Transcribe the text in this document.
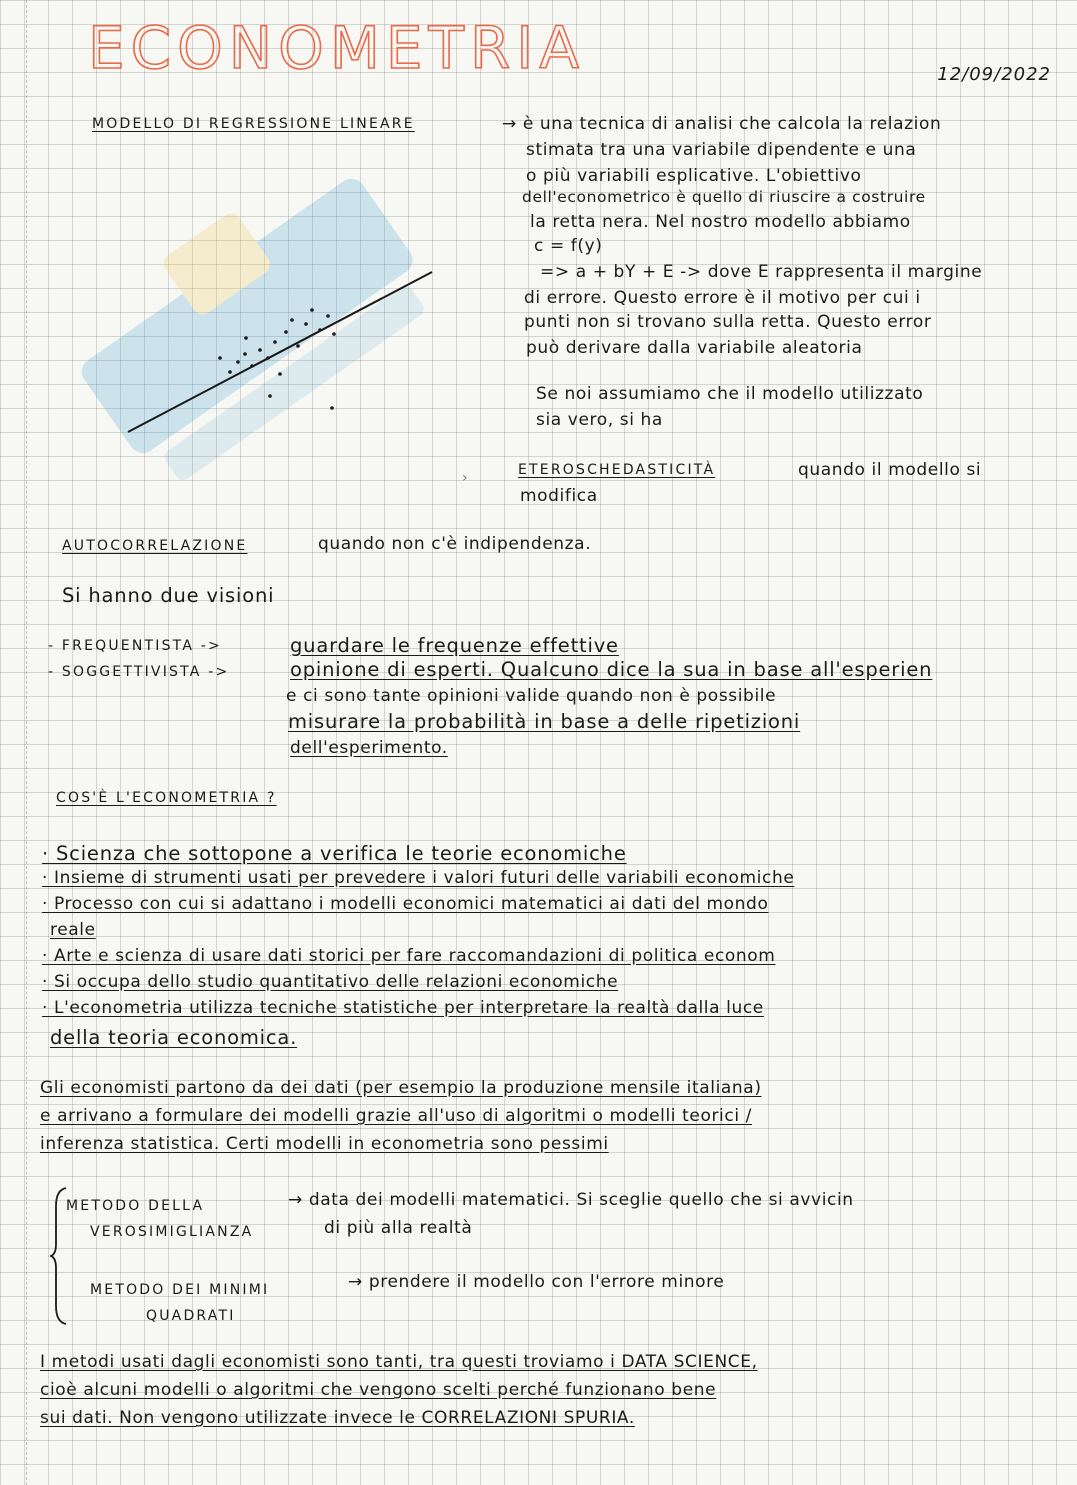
ECONOMETRIA	12/09/2022
MODELLO DI REGRESSIONE LINEARE	→ è una tecnica di analisi che calcola la relazion
stimata tra una variabile dipendente e una
o più variabili esplicative. L'obiettivo
dell'econometrico è quello di riuscire a costruire
la retta nera. Nel nostro modello abbiamo
c = f(y)
=> a + bY + E -> dove E rappresenta il margine
di errore. Questo errore è il motivo per cui i
punti non si trovano sulla retta. Questo error
può derivare dalla variabile aleatoria
Se noi assumiamo che il modello utilizzato
sia vero, si ha
ETEROSCHEDASTICITÀ	quando il modello si
modifica
›
AUTOCORRELAZIONE	quando non c'è indipendenza.
Si hanno due visioni
- FREQUENTISTA ->	guardare le frequenze effettive
- SOGGETTIVISTA ->	opinione di esperti. Qualcuno dice la sua in base all'esperien
e ci sono tante opinioni valide quando non è possibile
misurare la probabilità in base a delle ripetizioni
dell'esperimento.
COS'È L'ECONOMETRIA ?
· Scienza che sottopone a verifica le teorie economiche
· Insieme di strumenti usati per prevedere i valori futuri delle variabili economiche
· Processo con cui si adattano i modelli economici matematici ai dati del mondo
reale
· Arte e scienza di usare dati storici per fare raccomandazioni di politica econom
· Si occupa dello studio quantitativo delle relazioni economiche
· L'econometria utilizza tecniche statistiche per interpretare la realtà dalla luce
della teoria economica.
Gli economisti partono da dei dati (per esempio la produzione mensile italiana)
e arrivano a formulare dei modelli grazie all'uso di algoritmi o modelli teorici /
inferenza statistica. Certi modelli in econometria sono pessimi
METODO DELLA
VEROSIMIGLIANZA
→ data dei modelli matematici. Si sceglie quello che si avvicin
di più alla realtà
METODO DEI MINIMI
QUADRATI
→ prendere il modello con l'errore minore
I metodi usati dagli economisti sono tanti, tra questi troviamo i DATA SCIENCE,
cioè alcuni modelli o algoritmi che vengono scelti perché funzionano bene
sui dati. Non vengono utilizzate invece le CORRELAZIONI SPURIA.
